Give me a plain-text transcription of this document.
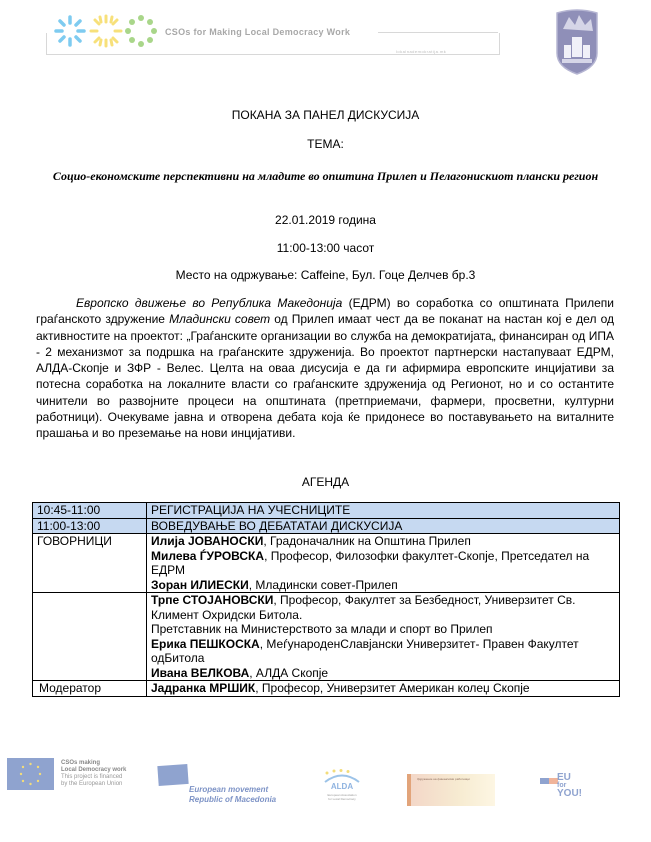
CSOs for Making Local Democracy Work
lokalnademokratija.mk
ПОКАНА ЗА ПАНЕЛ ДИСКУСИЈА
ТЕМА:
Социо-економските перспективни на младите во општина Прилеп и Пелагонискиот плански регион
22.01.2019 година
11:00-13:00 часот
Место на одржување: Caffeine, Бул. Гоце Делчев бр.3
Европско движење во Република Македонија (ЕДРМ) во соработка со општината Прилепи граѓанското здружение Младински совет од Прилеп имаат чест да ве поканат на настан кој е дел од активностите на проектот: „Граѓанските организации во служба на демократијата„ финансиран од ИПА - 2 механизмот за подршка на граѓанските здруженија. Во проектот партнерски настапуваат ЕДРМ, АЛДА-Скопје и ЗФР - Велес. Целта на оваа дисусија е да ги афирмира европските инцијативи за потесна соработка на локалните власти со граѓанските здруженија од Регионот, но и со остантите чинители во развојните процеси на општината (претприемачи, фармери, просветни, културни работници). Очекуваме јавна и отворена дебата која ќе придонесе во поставувањето на виталните прашања и во преземање на нови инцијативи.
АГЕНДА
10:45-11:00	РЕГИСТРАЦИЈА НА УЧЕСНИЦИТЕ
11:00-13:00	ВОВЕДУВАЊЕ ВО ДЕБАТАТАИ ДИСКУСИЈА
ГОВОРНИЦИ	Илија ЈОВАНОСКИ, Градоначалник на Општина Прилеп
Милева ЃУРОВСКА, Професор, Филозофки факултет-Скопје, Претседател на ЕДРМ
Зоран ИЛИЕСКИ, Младински совет-Прилеп

	Трпе СТОЈАНОВСКИ, Професор, Факултет за Безбедност, Универзитет Св. Климент Охридски Битола.
Претставник на Министерството за млади и спорт во Прилеп
Ерика ПЕШКОСКА, МеѓународенСлавјански Универзитет- Правен Факултет одБитола
Ивана ВЕЛКОВА, АЛДА Скопје

Модератор	Јадранка МРШИК, Професор, Универзитет Американ колеџ Скопје
CSOs making
Local Democracy work
This project is financed
by the European Union
European movement
Republic of Macedonia
ALDA
European Association
for Local Democracy
Здружение на финансиски работници	EU
for
YOU!
